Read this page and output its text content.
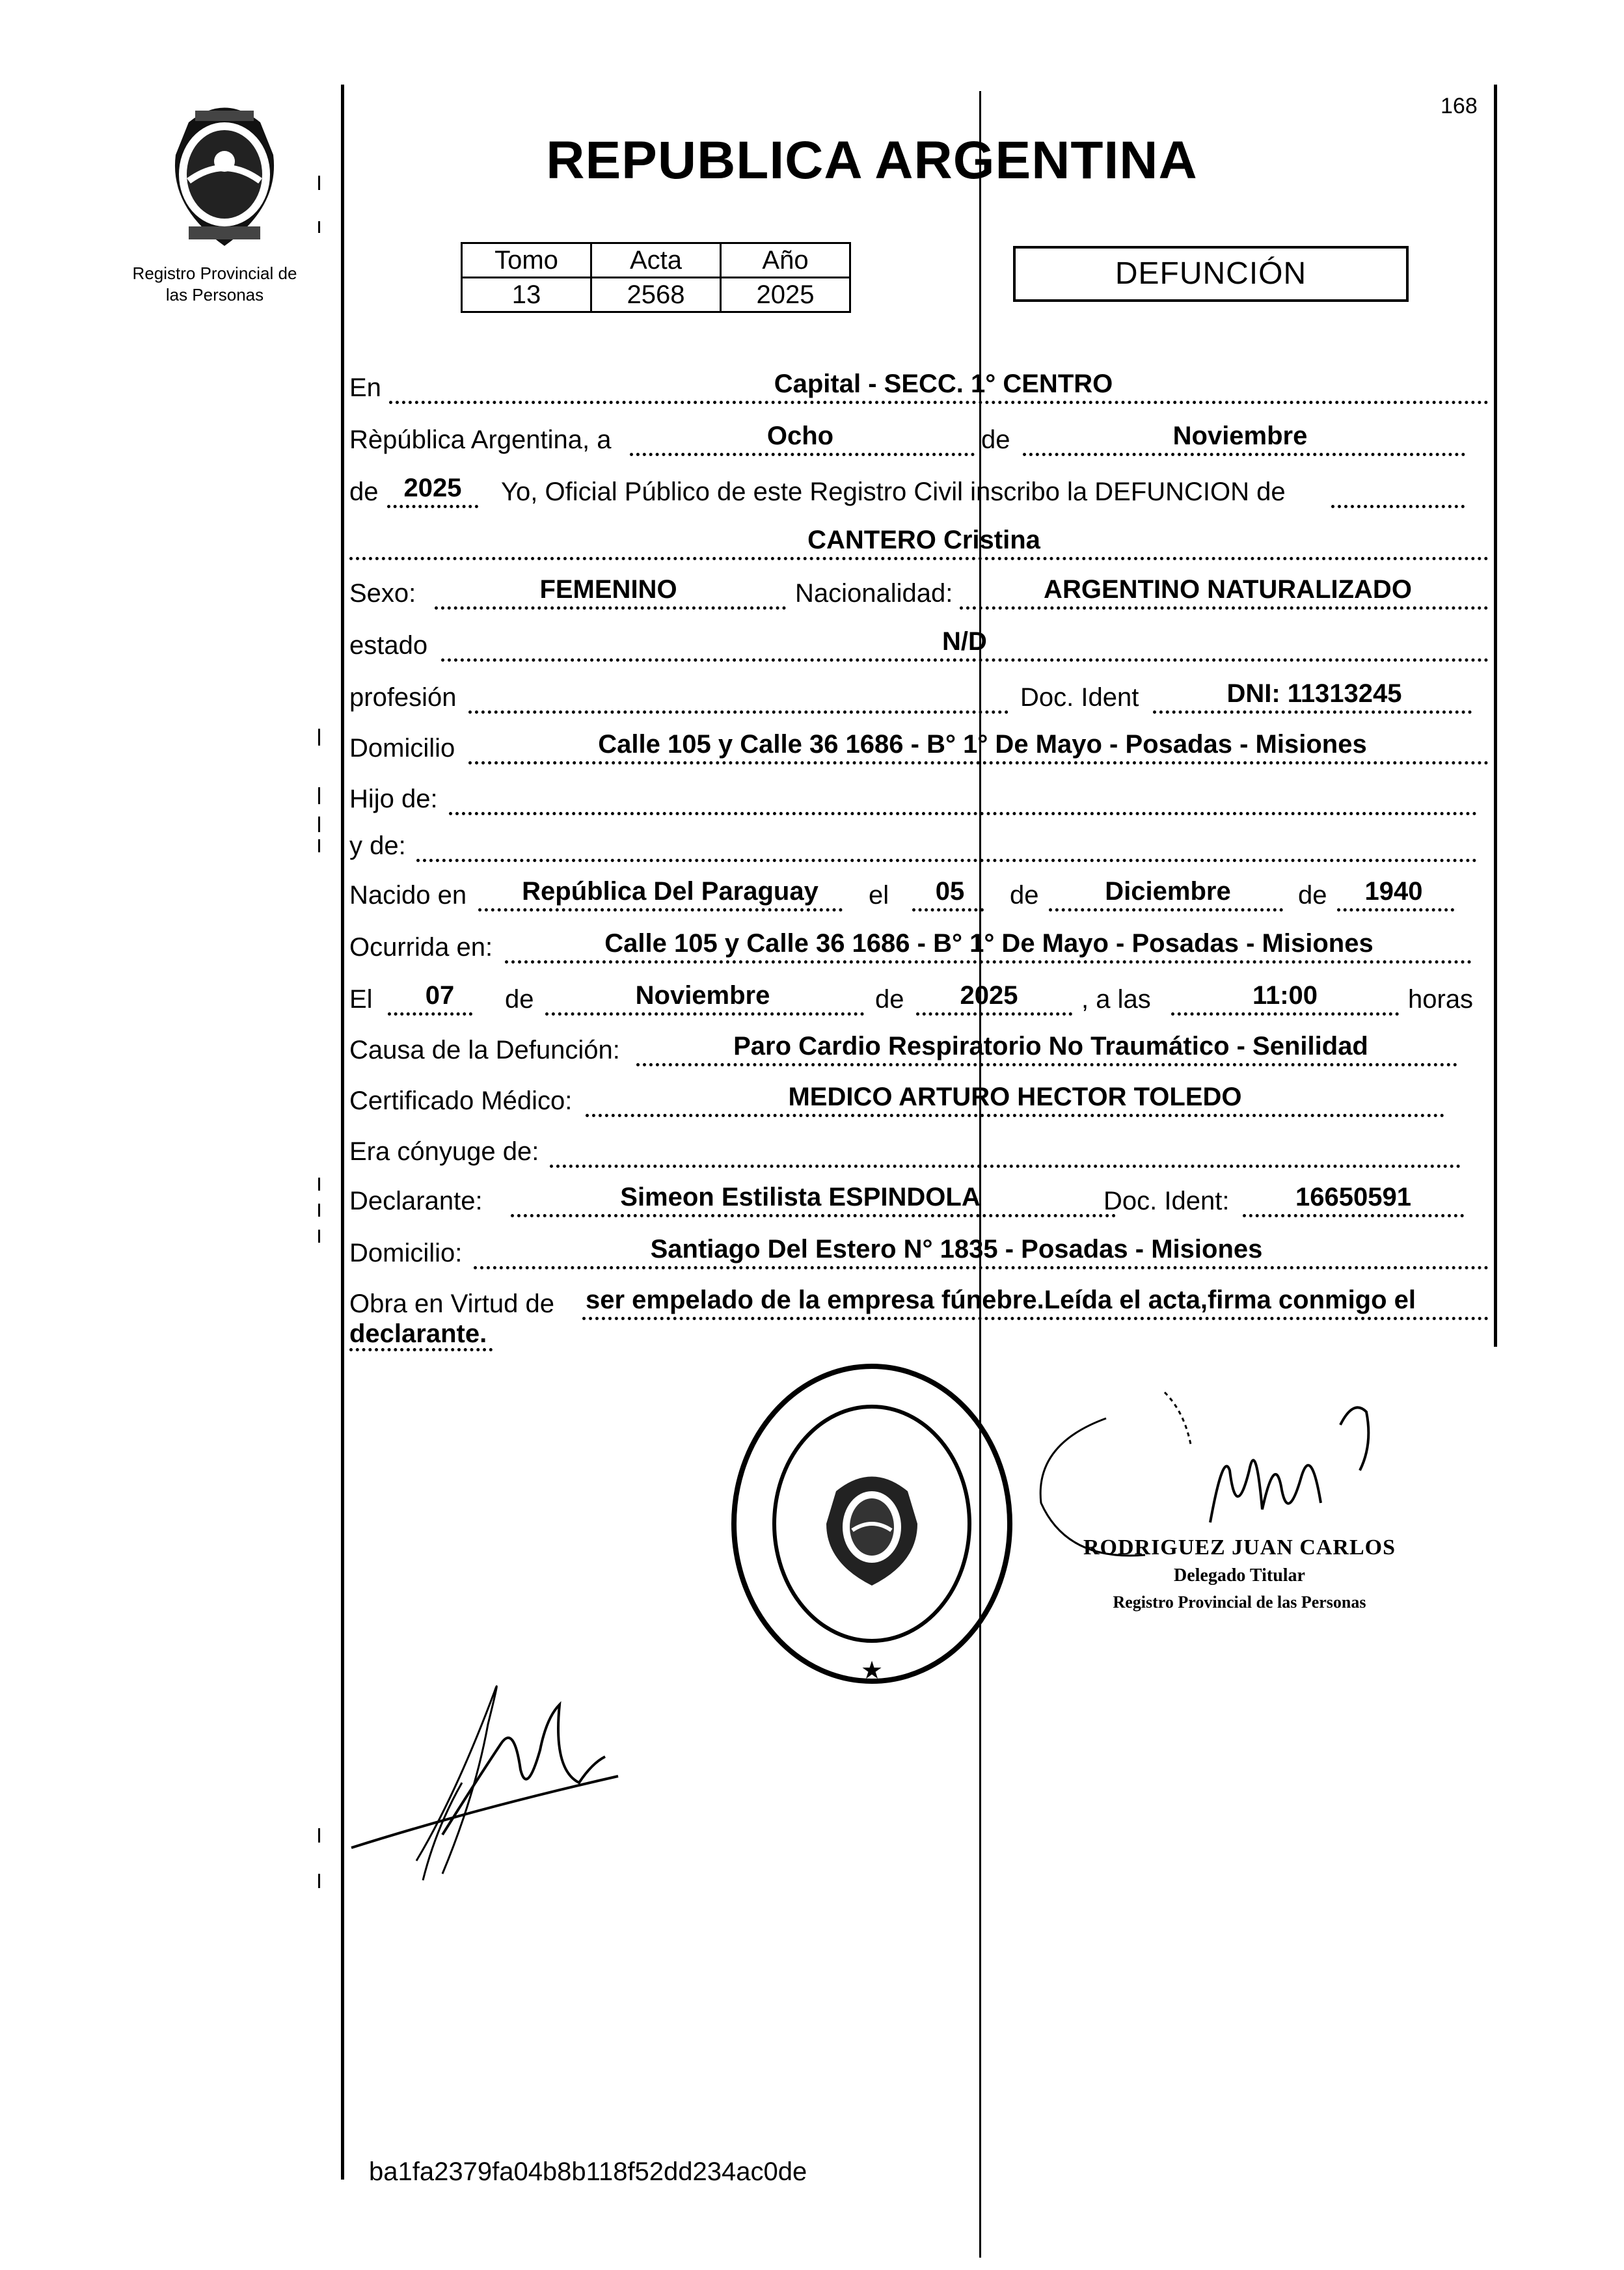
Registro Provincial de
las Personas
168
REPUBLICA ARGENTINA
Tomo	Acta	Año
13	2568	2025
DEFUNCIÓN
En	Capital - SECC. 1° CENTRO
Rèpública Argentina, a	Ocho	de	Noviembre
de 2025 Yo, Oficial Público de este Registro Civil inscribo la DEFUNCION de
CANTERO Cristina
Sexo:	FEMENINO	Nacionalidad:	ARGENTINO NATURALIZADO
estado	N/D
profesión	Doc. Ident	DNI: 11313245
Domicilio	Calle 105 y Calle 36 1686 - B° 1° De Mayo - Posadas - Misiones
Hijo de:
y de:
Nacido en República Del Paraguay el 05 de	Diciembre	de 1940
Ocurrida en:	Calle 105 y Calle 36 1686 - B° 1° De Mayo - Posadas - Misiones
El 07 de	Noviembre	de 2025 , a las	11:00	horas
Causa de la Defunción:	Paro Cardio Respiratorio No Traumático - Senilidad
Certificado Médico:	MEDICO ARTURO HECTOR TOLEDO
Era cónyuge de:
Declarante:	Simeon Estilista ESPINDOLA	Doc. Ident:	16650591
Domicilio:	Santiago Del Estero N° 1835 - Posadas - Misiones
Obra en Virtud de ser empelado de la empresa fúnebre.Leída el acta,firma conmigo el
declarante.
★
RODRIGUEZ JUAN CARLOS
Delegado Titular
Registro Provincial de las Personas
ba1fa2379fa04b8b118f52dd234ac0de
